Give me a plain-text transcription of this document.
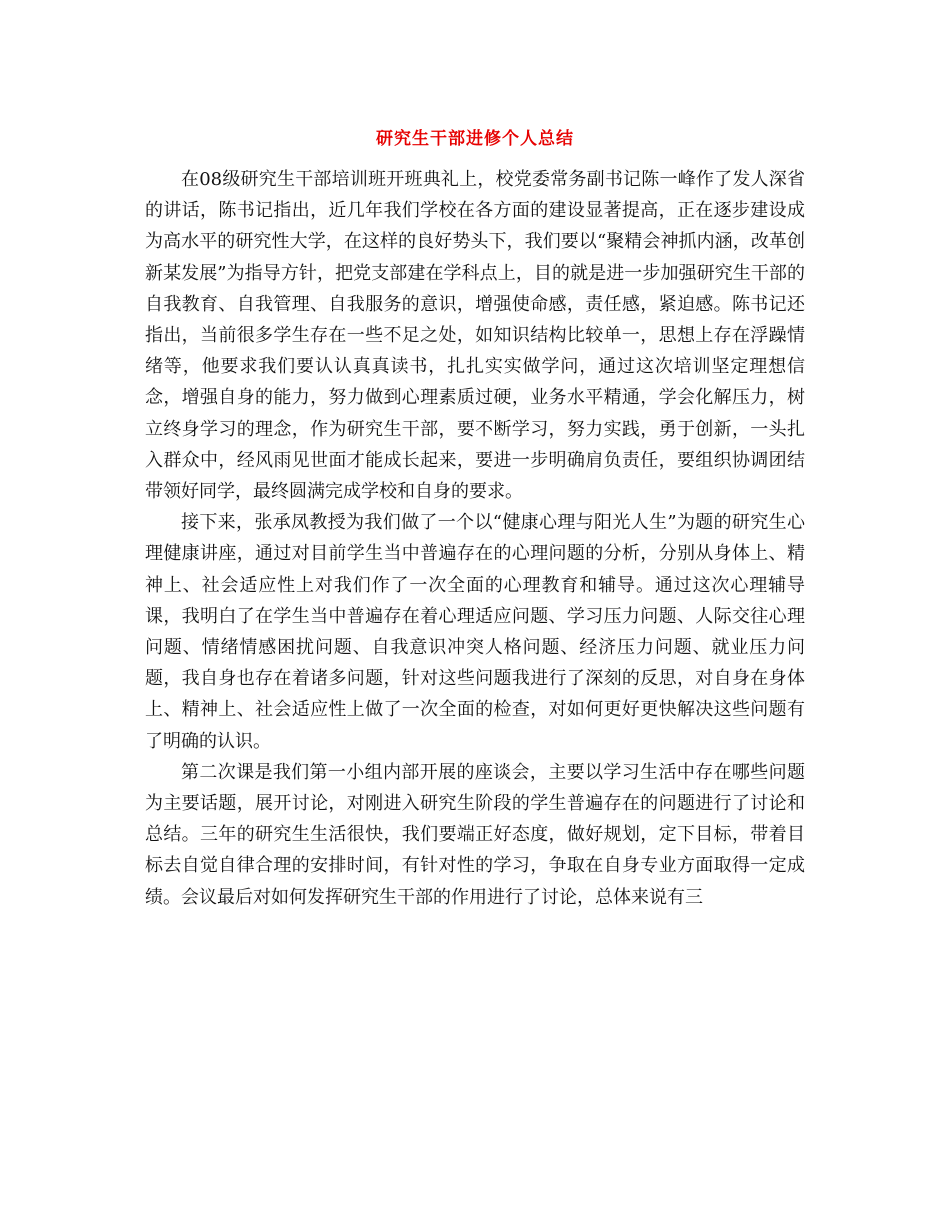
研究生干部进修个人总结

在08级研究生干部培训班开班典礼上，校党委常务副书记陈一峰作了发人深省的讲话，陈书记指出，近几年我们学校在各方面的建设显著提高，正在逐步建设成为高水平的研究性大学，在这样的良好势头下，我们要以“聚精会神抓内涵，改革创新某发展”为指导方针，把党支部建在学科点上，目的就是进一步加强研究生干部的自我教育、自我管理、自我服务的意识，增强使命感，责任感，紧迫感。陈书记还指出，当前很多学生存在一些不足之处，如知识结构比较单一，思想上存在浮躁情绪等，他要求我们要认认真真读书，扎扎实实做学问，通过这次培训坚定理想信念，增强自身的能力，努力做到心理素质过硬，业务水平精通，学会化解压力，树立终身学习的理念，作为研究生干部，要不断学习，努力实践，勇于创新，一头扎入群众中，经风雨见世面才能成长起来，要进一步明确肩负责任，要组织协调团结带领好同学，最终圆满完成学校和自身的要求。

接下来，张承凤教授为我们做了一个以“健康心理与阳光人生”为题的研究生心理健康讲座，通过对目前学生当中普遍存在的心理问题的分析，分别从身体上、精神上、社会适应性上对我们作了一次全面的心理教育和辅导。通过这次心理辅导课，我明白了在学生当中普遍存在着心理适应问题、学习压力问题、人际交往心理问题、情绪情感困扰问题、自我意识冲突人格问题、经济压力问题、就业压力问题，我自身也存在着诸多问题，针对这些问题我进行了深刻的反思，对自身在身体上、精神上、社会适应性上做了一次全面的检查，对如何更好更快解决这些问题有了明确的认识。

第二次课是我们第一小组内部开展的座谈会，主要以学习生活中存在哪些问题为主要话题，展开讨论，对刚进入研究生阶段的学生普遍存在的问题进行了讨论和总结。三年的研究生生活很快，我们要端正好态度，做好规划，定下目标，带着目标去自觉自律合理的安排时间，有针对性的学习，争取在自身专业方面取得一定成绩。会议最后对如何发挥研究生干部的作用进行了讨论，总体来说有三
